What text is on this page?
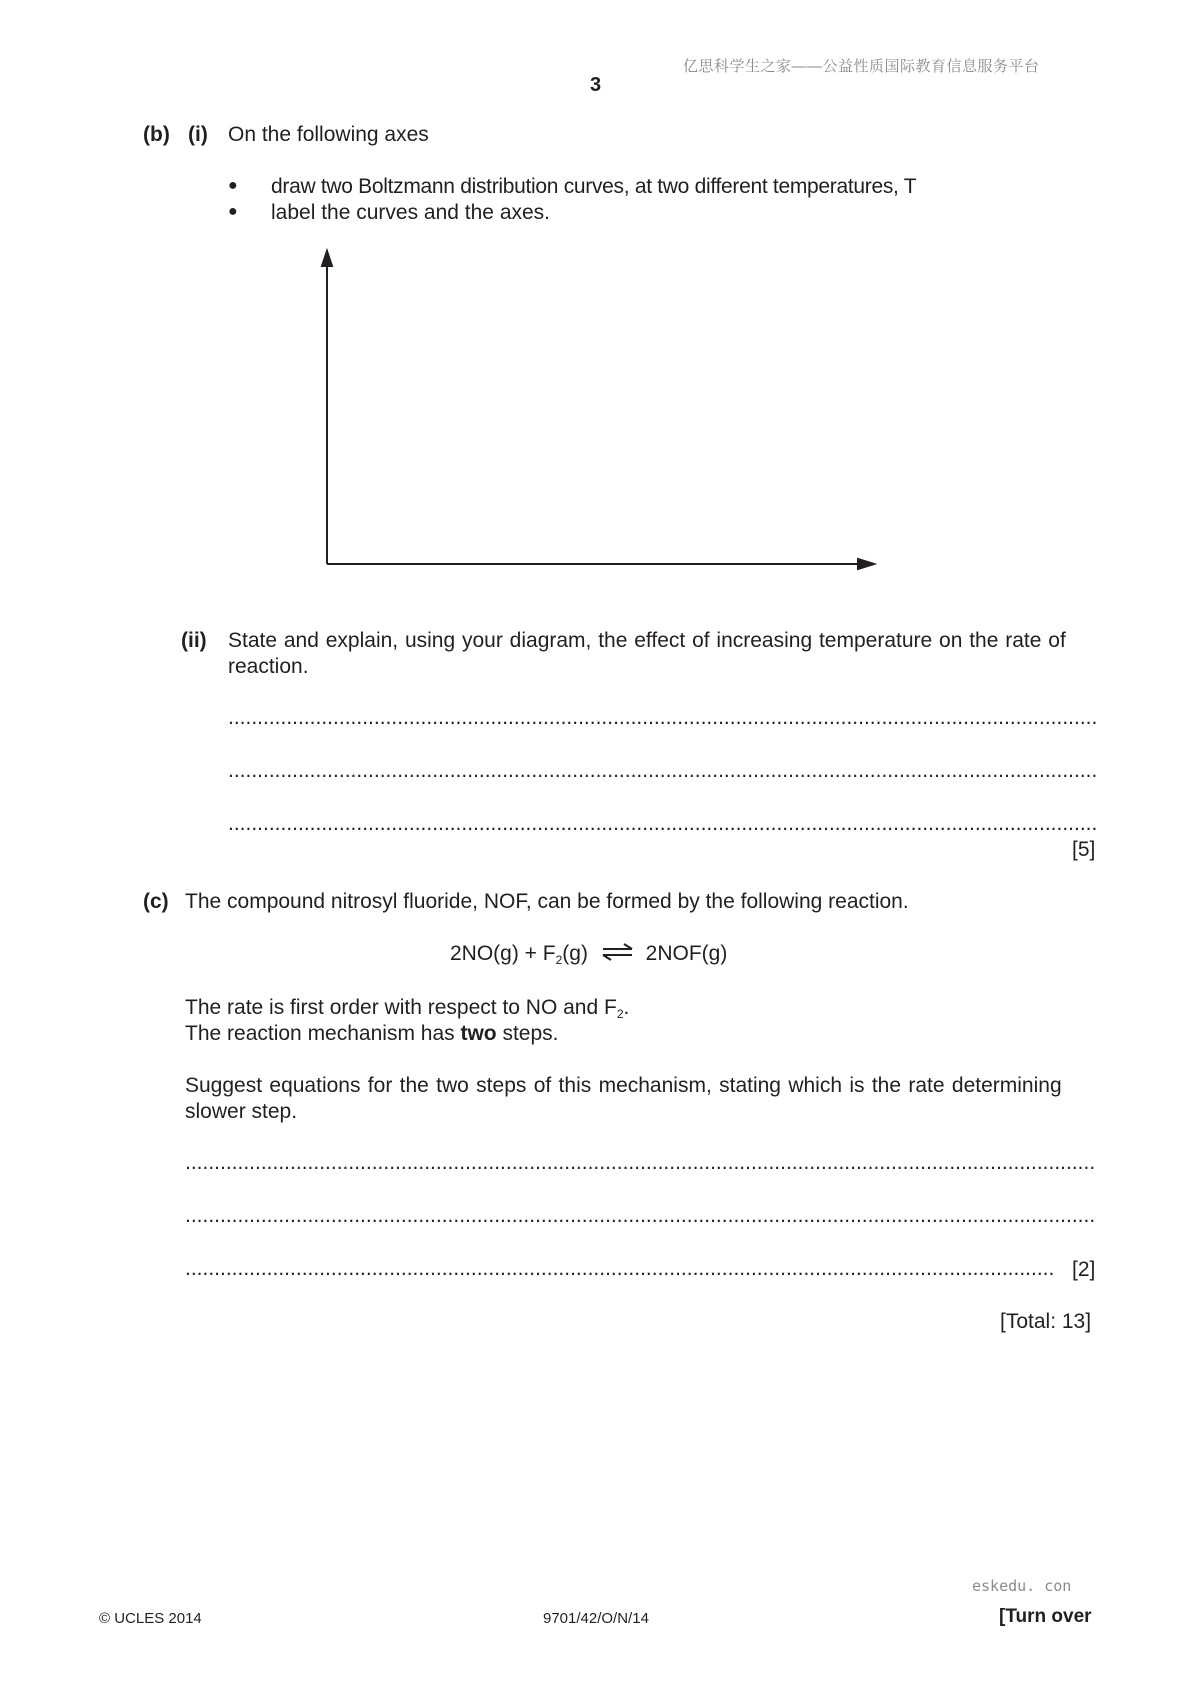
亿思科学生之家——公益性质国际教育信息服务平台
3
(b) (i) On the following axes
● draw two Boltzmann distribution curves, at two different temperatures, T
● label the curves and the axes.
(ii) State and explain, using your diagram, the effect of increasing temperature on the rate of
reaction.
.....
.....
.....
[5]
(c) The compound nitrosyl fluoride, NOF, can be formed by the following reaction.
$2NO(g) + F_2(g)$ ⇌ 2NOF(g)
The rate is first order with respect to NO and $F_2$.
The reaction mechanism has two steps.
Suggest equations for the two steps of this mechanism, stating which is the rate determining
slower step.
.....
.....
.....
[2]
[Total: 13]
eskedu. con
© UCLES 2014	9701/42/O/N/14	[Turn over
